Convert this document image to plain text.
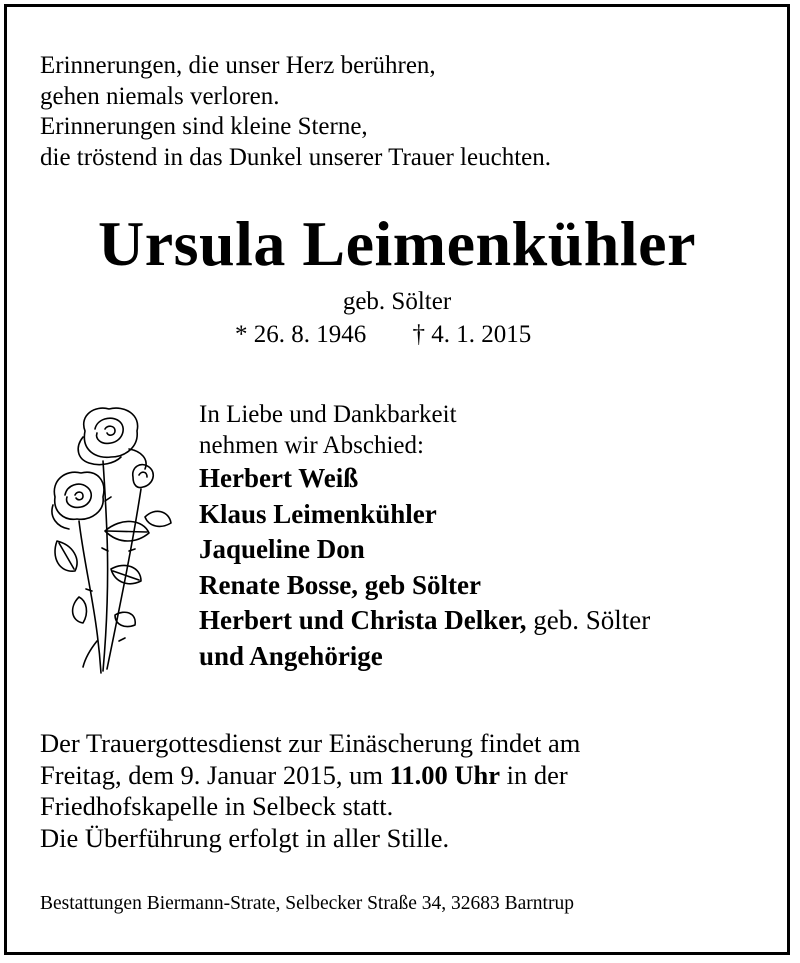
Erinnerungen, die unser Herz berühren,
gehen niemals verloren.
Erinnerungen sind kleine Sterne,
die tröstend in das Dunkel unserer Trauer leuchten.
Ursula Leimenkühler
geb. Sölter
* 26. 8. 1946 † 4. 1. 2015
In Liebe und Dankbarkeit
nehmen wir Abschied:
Herbert Weiß
Klaus Leimenkühler
Jaqueline Don
Renate Bosse, geb Sölter
Herbert und Christa Delker, geb. Sölter
und Angehörige
Der Trauergottesdienst zur Einäscherung findet am
Freitag, dem 9. Januar 2015, um 11.00 Uhr in der
Friedhofskapelle in Selbeck statt.
Die Überführung erfolgt in aller Stille.
Bestattungen Biermann-Strate, Selbecker Straße 34, 32683 Barntrup
